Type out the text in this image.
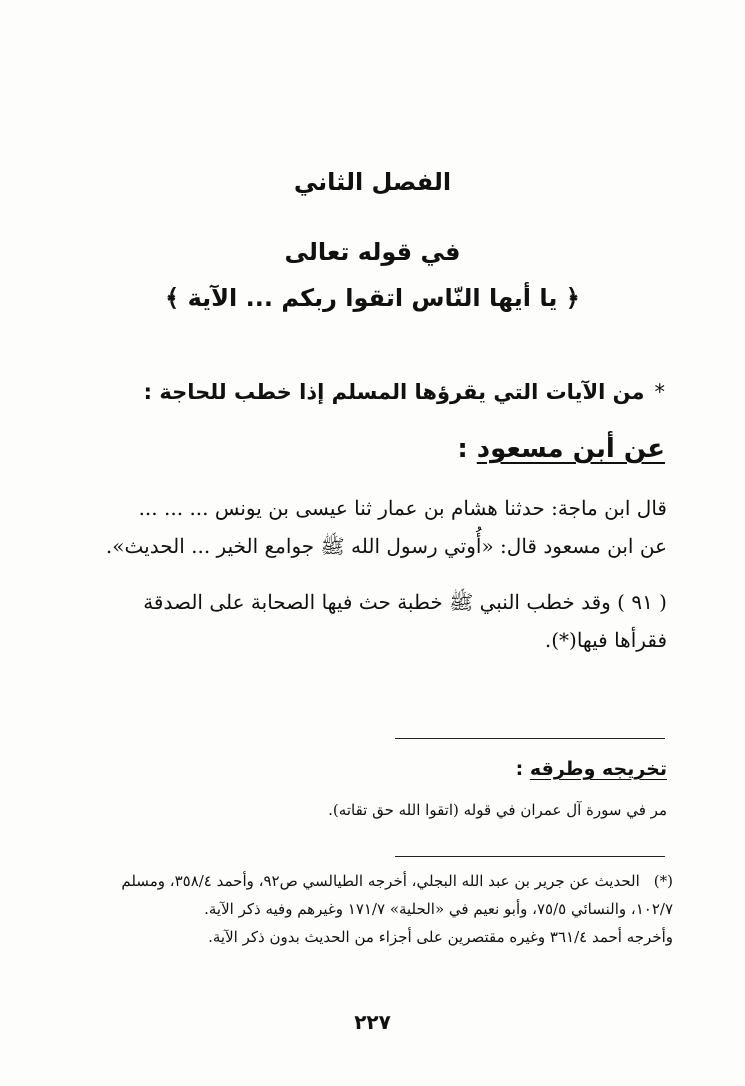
الفصل الثاني
في قوله تعالى
﴿ يا أيها النّاس اتقوا ربكم ... الآية ﴾
*من الآيات التي يقرؤها المسلم إذا خطب للحاجة :
عن أبن مسعود :
قال ابن ماجة: حدثنا هشام بن عمار ثنا عيسى بن يونس ... ... ...
عن ابن مسعود قال: «أُوتي رسول الله ﷺ جوامع الخير ... الحديث».
( ٩١ ) وقد خطب النبي ﷺ خطبة حث فيها الصحابة على الصدقة
فقرأها فيها(*).
تخريجه وطرقه :
مر في سورة آل عمران في قوله (اتقوا الله حق تقاته).
(*)الحديث عن جرير بن عبد الله البجلي، أخرجه الطيالسي ص٩٢، وأحمد ٣٥٨/٤، ومسلم
١٠٢/٧، والنسائي ٧٥/٥، وأبو نعيم في «الحلية» ١٧١/٧ وغيرهم وفيه ذكر الآية.
وأخرجه أحمد ٣٦١/٤ وغيره مقتصرين على أجزاء من الحديث بدون ذكر الآية.
٢٢٧
